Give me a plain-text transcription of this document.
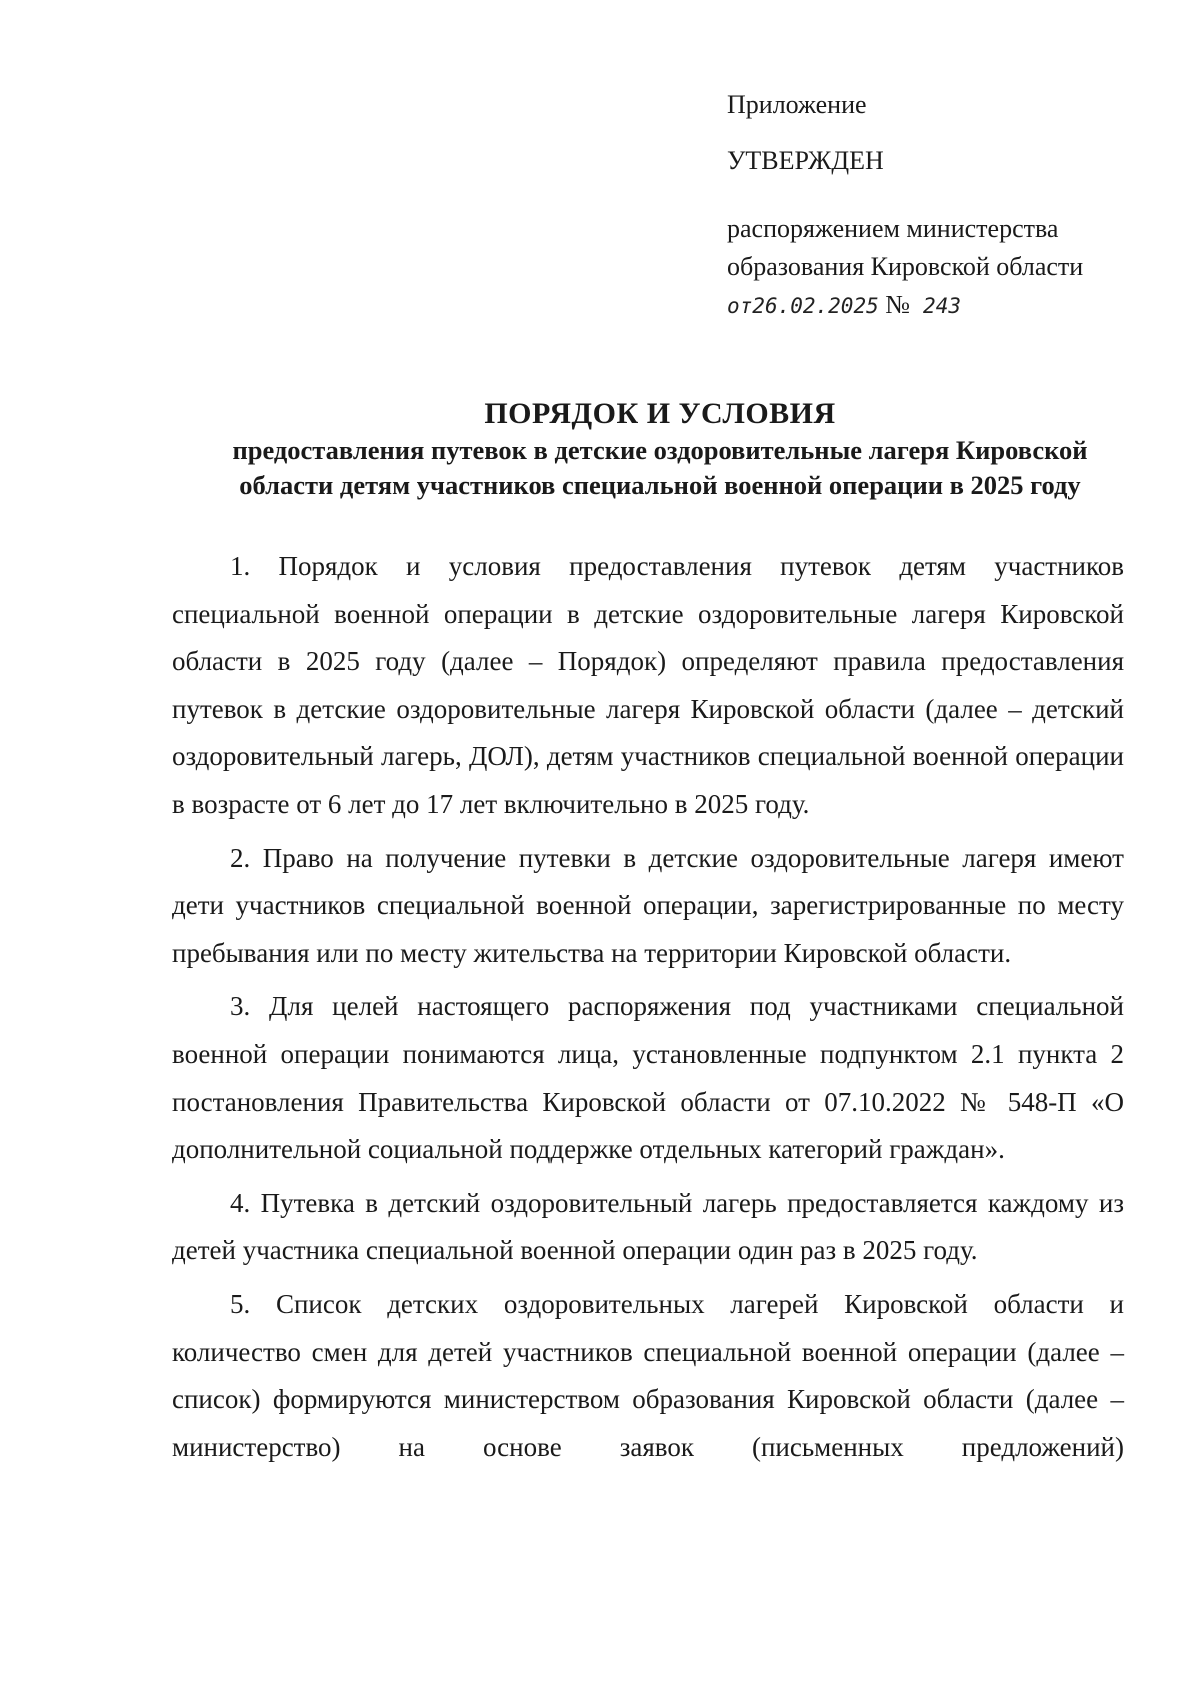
Приложение
УТВЕРЖДЕН
распоряжением министерства
образования Кировской области
от26.02.2025 № 243
ПОРЯДОК И УСЛОВИЯ
предоставления путевок в детские оздоровительные лагеря Кировской
области детям участников специальной военной операции в 2025 году

1. Порядок и условия предоставления путевок детям участников специальной военной операции в детские оздоровительные лагеря Кировской области в 2025 году (далее – Порядок) определяют правила предоставления путевок в детские оздоровительные лагеря Кировской области (далее – детский оздоровительный лагерь, ДОЛ), детям участников специальной военной операции в возрасте от 6 лет до 17 лет включительно в 2025 году.

2. Право на получение путевки в детские оздоровительные лагеря имеют дети участников специальной военной операции, зарегистрированные по месту пребывания или по месту жительства на территории Кировской области.

3. Для целей настоящего распоряжения под участниками специальной военной операции понимаются лица, установленные подпунктом 2.1 пункта 2 постановления Правительства Кировской области от 07.10.2022 № 548-П «О дополнительной социальной поддержке отдельных категорий граждан».

4. Путевка в детский оздоровительный лагерь предоставляется каждому из детей участника специальной военной операции один раз в 2025 году.

5. Список детских оздоровительных лагерей Кировской области и количество смен для детей участников специальной военной операции (далее – список) формируются министерством образования Кировской области (далее – министерство) на основе заявок (письменных предложений)
